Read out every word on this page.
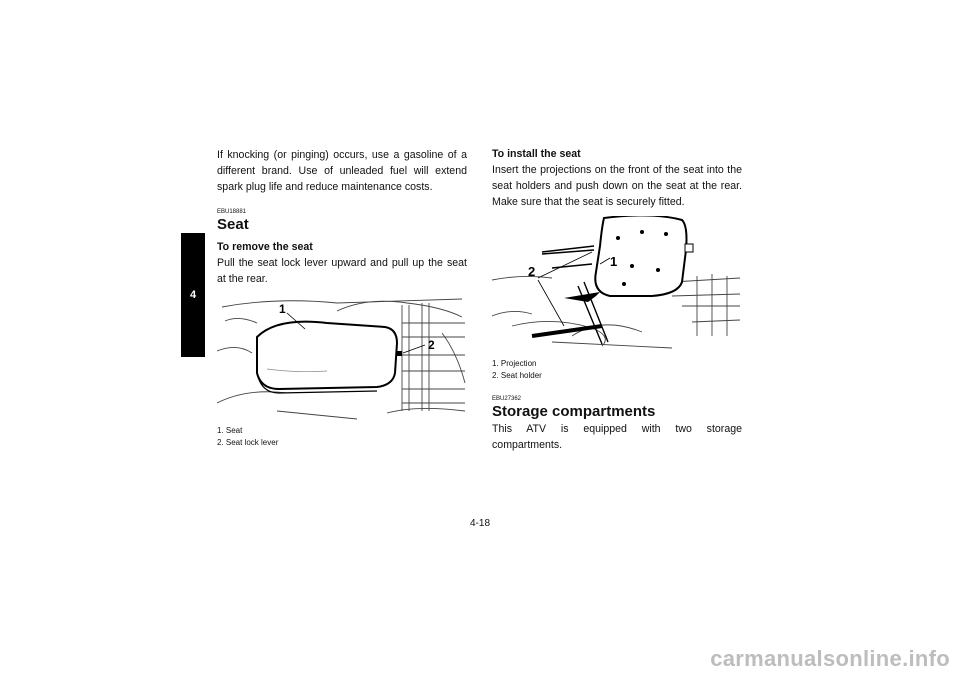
4

If knocking (or pinging) occurs, use a gasoline of a different brand. Use of unleaded fuel will extend spark plug life and reduce maintenance costs.

EBU18881
Seat
To remove the seat

Pull the seat lock lever upward and pull up the seat at the rear.

1
2
1. Seat
2. Seat lock lever
To install the seat

Insert the projections on the front of the seat into the seat holders and push down on the seat at the rear. Make sure that the seat is securely fitted.

2
1
1. Projection
2. Seat holder
EBU27362
Storage compartments

This ATV is equipped with two storage compartments.

4-18
carmanualsonline.info
